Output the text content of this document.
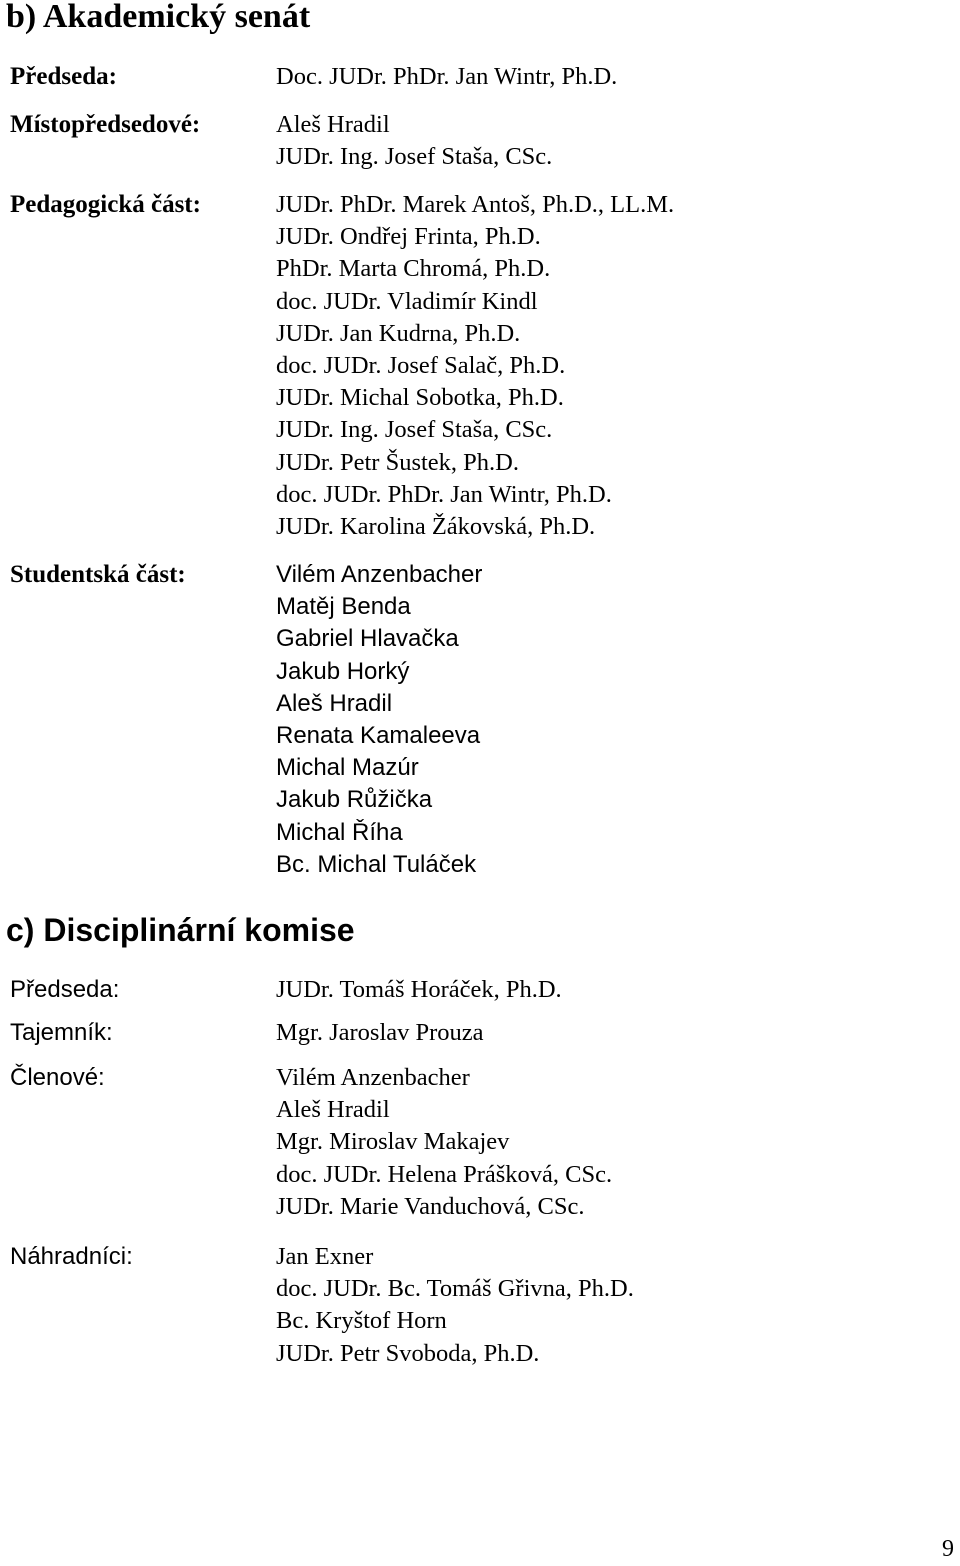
b) Akademický senát
Předseda:	Doc. JUDr. PhDr. Jan Wintr, Ph.D.
Místopředsedové:	Aleš Hradil
JUDr. Ing. Josef Staša, CSc.
Pedagogická část:	JUDr. PhDr. Marek Antoš, Ph.D., LL.M.
JUDr. Ondřej Frinta, Ph.D.
PhDr. Marta Chromá, Ph.D.
doc. JUDr. Vladimír Kindl
JUDr. Jan Kudrna, Ph.D.
doc. JUDr. Josef Salač, Ph.D.
JUDr. Michal Sobotka, Ph.D.
JUDr. Ing. Josef Staša, CSc.
JUDr. Petr Šustek, Ph.D.
doc. JUDr. PhDr. Jan Wintr, Ph.D.
JUDr. Karolina Žákovská, Ph.D.
Studentská část:	Vilém Anzenbacher
Matěj Benda
Gabriel Hlavačka
Jakub Horký
Aleš Hradil
Renata Kamaleeva
Michal Mazúr
Jakub Růžička
Michal Říha
Bc. Michal Tuláček
c) Disciplinární komise
Předseda:	JUDr. Tomáš Horáček, Ph.D.
Tajemník:	Mgr. Jaroslav Prouza
Členové:	Vilém Anzenbacher
Aleš Hradil
Mgr. Miroslav Makajev
doc. JUDr. Helena Prášková, CSc.
JUDr. Marie Vanduchová, CSc.
Náhradníci:	Jan Exner
doc. JUDr. Bc. Tomáš Gřivna, Ph.D.
Bc. Kryštof Horn
JUDr. Petr Svoboda, Ph.D.
9
